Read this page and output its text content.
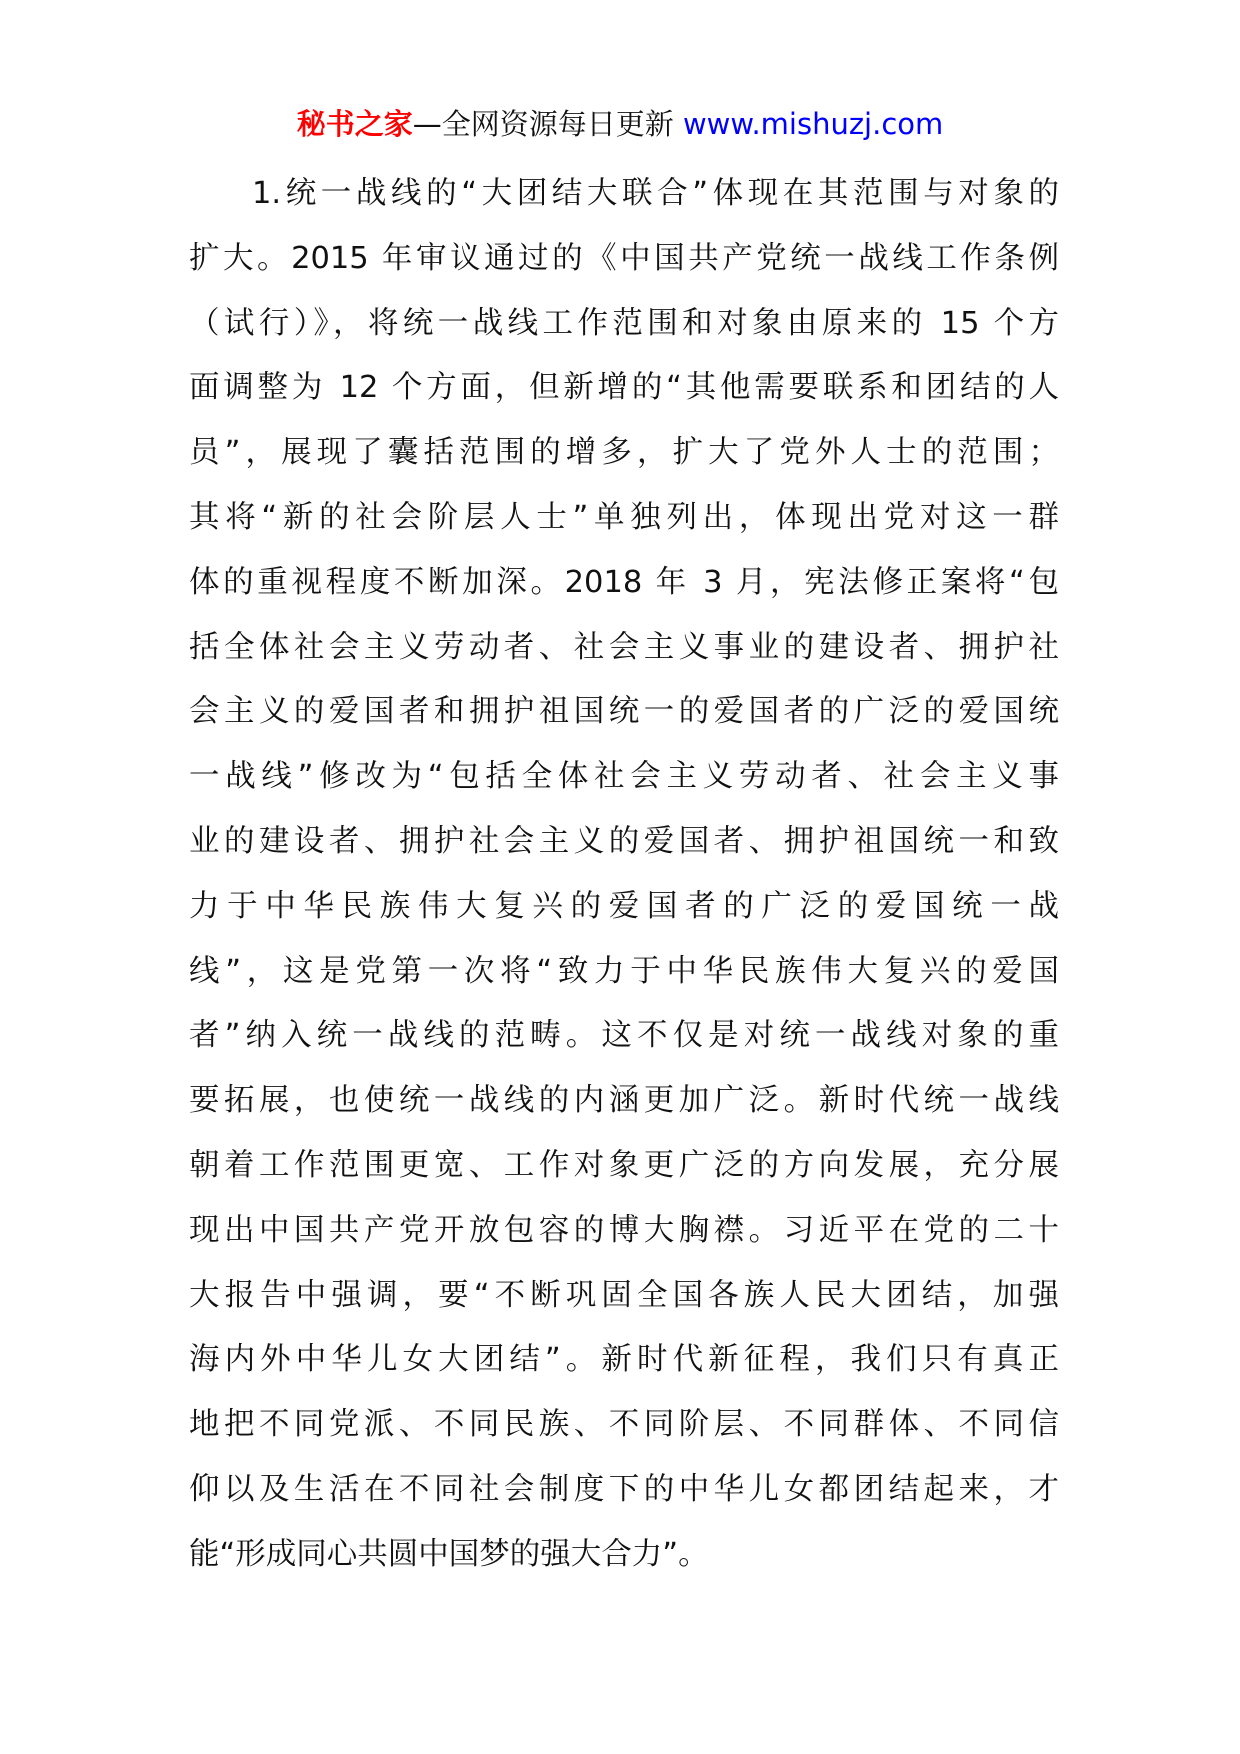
秘书之家—全网资源每日更新 www.mishuzj.com
1.统一战线的“大团结大联合”体现在其范围与对象的
扩大。2015 年审议通过的《中国共产党统一战线工作条例
（试行）》，将统一战线工作范围和对象由原来的 15 个方
面调整为 12 个方面，但新增的“其他需要联系和团结的人
员”，展现了囊括范围的增多，扩大了党外人士的范围；
其将“新的社会阶层人士”单独列出，体现出党对这一群
体的重视程度不断加深。2018 年 3 月，宪法修正案将“包
括全体社会主义劳动者、社会主义事业的建设者、拥护社
会主义的爱国者和拥护祖国统一的爱国者的广泛的爱国统
一战线”修改为“包括全体社会主义劳动者、社会主义事
业的建设者、拥护社会主义的爱国者、拥护祖国统一和致
力于中华民族伟大复兴的爱国者的广泛的爱国统一战
线”，这是党第一次将“致力于中华民族伟大复兴的爱国
者”纳入统一战线的范畴。这不仅是对统一战线对象的重
要拓展，也使统一战线的内涵更加广泛。新时代统一战线
朝着工作范围更宽、工作对象更广泛的方向发展，充分展
现出中国共产党开放包容的博大胸襟。习近平在党的二十
大报告中强调，要“不断巩固全国各族人民大团结，加强
海内外中华儿女大团结”。新时代新征程，我们只有真正
地把不同党派、不同民族、不同阶层、不同群体、不同信
仰以及生活在不同社会制度下的中华儿女都团结起来，才
能“形成同心共圆中国梦的强大合力”。
